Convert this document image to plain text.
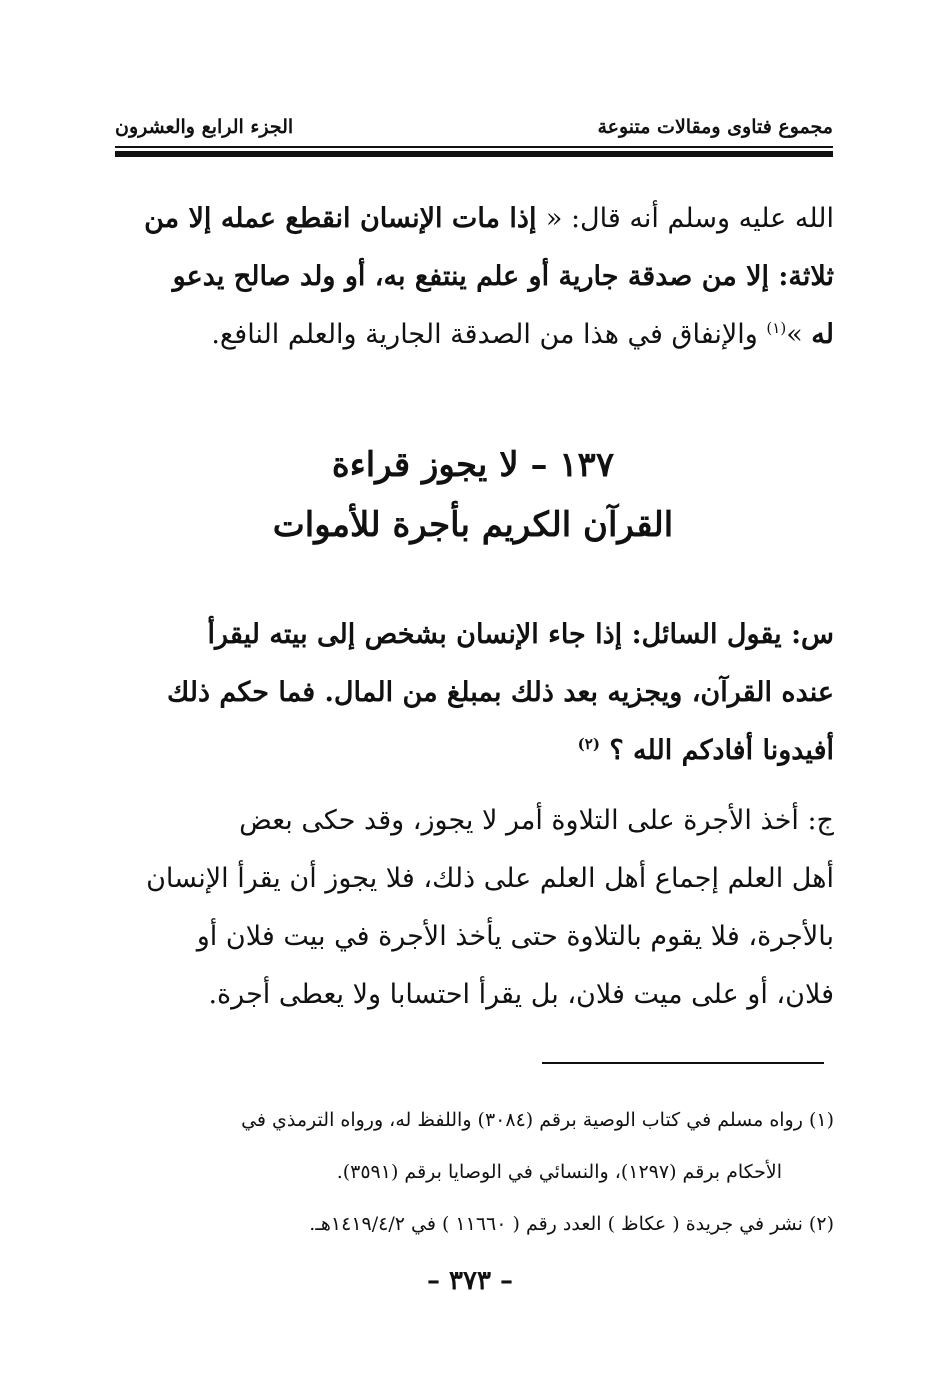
مجموع فتاوى ومقالات متنوعة
الجزء الرابع والعشرون
الله عليه وسلم أنه قال: « إذا مات الإنسان انقطع عمله إلا من
ثلاثة: إلا من صدقة جارية أو علم ينتفع به، أو ولد صالح يدعو
له »$^{(١)}$ والإنفاق في هذا من الصدقة الجارية والعلم النافع.
١٣٧ – لا يجوز قراءة
القرآن الكريم بأجرة للأموات
س: يقول السائل: إذا جاء الإنسان بشخص إلى بيته ليقرأ
عنده القرآن، ويجزيه بعد ذلك بمبلغ من المال. فما حكم ذلك
أفيدونا أفادكم الله ؟ $^{(٢)}$
ج: أخذ الأجرة على التلاوة أمر لا يجوز، وقد حكى بعض
أهل العلم إجماع أهل العلم على ذلك، فلا يجوز أن يقرأ الإنسان
بالأجرة، فلا يقوم بالتلاوة حتى يأخذ الأجرة في بيت فلان أو
فلان، أو على ميت فلان، بل يقرأ احتسابا ولا يعطى أجرة.
(١) رواه مسلم في كتاب الوصية برقم (٣٠٨٤) واللفظ له، ورواه الترمذي في
الأحكام برقم (١٢٩٧)، والنسائي في الوصايا برقم (٣٥٩١).
(٢) نشر في جريدة ( عكاظ ) العدد رقم ( ١١٦٦٠ ) في ١٤١٩/٤/٢هـ.
– ٣٧٣ –
